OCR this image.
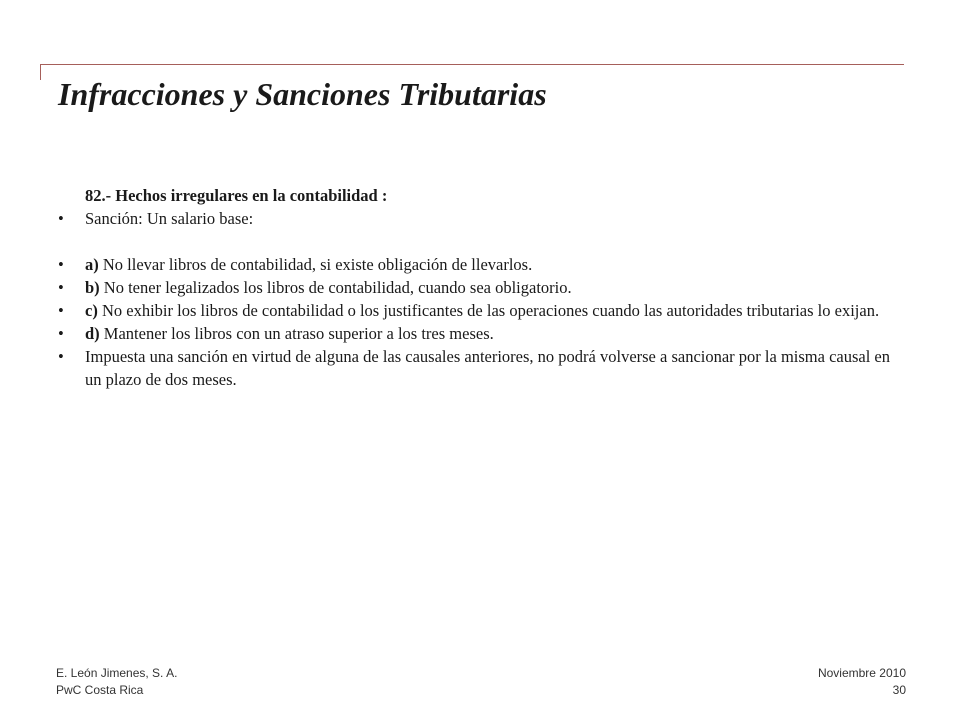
Infracciones y Sanciones Tributarias
82.- Hechos irregulares en la contabilidad :
• Sanción: Un salario base:
• a) No llevar libros de contabilidad, si existe obligación de llevarlos.
• b) No tener legalizados los libros de contabilidad, cuando sea obligatorio.
• c) No exhibir los libros de contabilidad o los justificantes de las operaciones cuando las autoridades tributarias lo exijan.
• d) Mantener los libros con un atraso superior a los tres meses.
• Impuesta una sanción en virtud de alguna de las causales anteriores, no podrá volverse a sancionar por la misma causal en un plazo de dos meses.
E. León Jimenes, S. A.
PwC Costa Rica
Noviembre 2010
30
